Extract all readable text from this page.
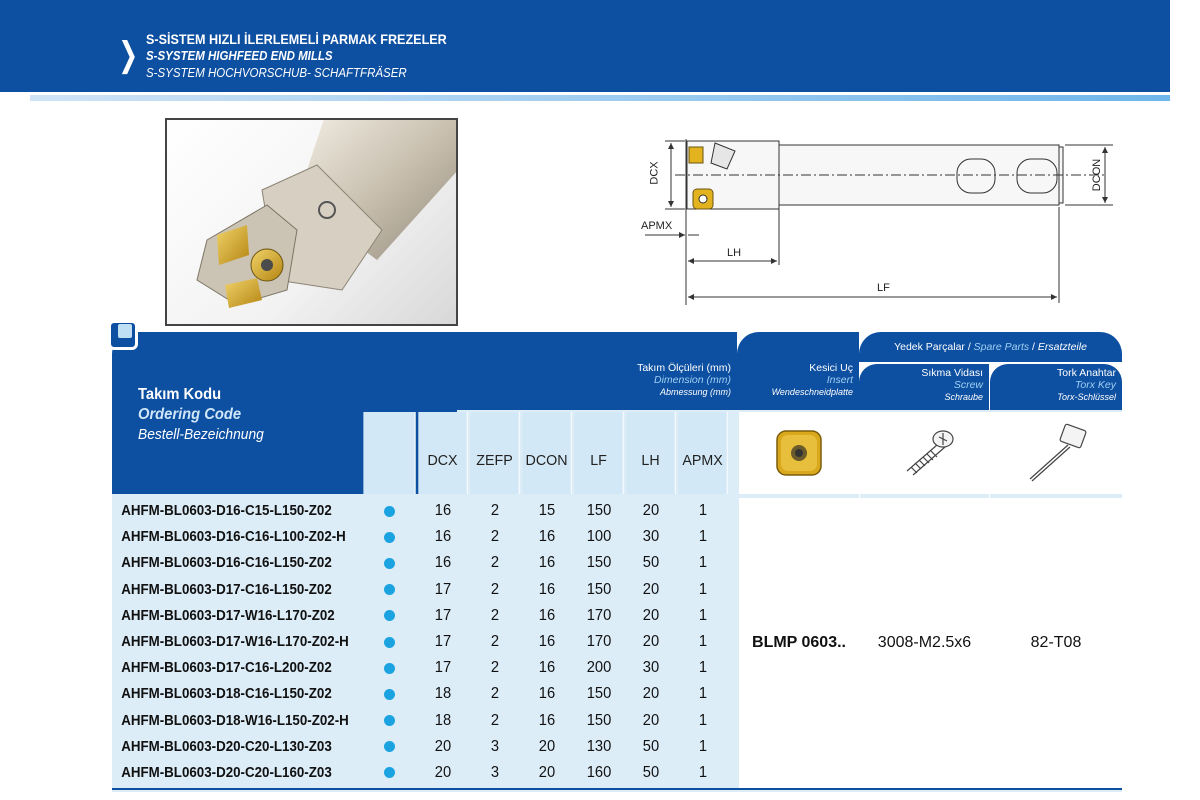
❯ S-SİSTEM HIZLI İLERLEMELİ PARMAK FREZELER
S-SYSTEM HIGHFEED END MILLS
S-SYSTEM HOCHVORSCHUB- SCHAFTFRÄSER
DCX	DCON
APMX
LH
LF
Takım Ölçüleri (mm)
Dimension (mm)
Abmessung (mm)
Kesici Uç
Insert
Wendeschneidplatte
Yedek Parçalar / Spare Parts / Ersatzteile
Sıkma Vidası
Screw
Schraube
Tork Anahtar
Torx Key
Torx-Schlüssel
Takım Kodu
Ordering Code
Bestell-Bezeichnung
DCX	ZEFP DCON	LF	LH	APMX
AHFM-BL0603-D16-C15-L150-Z02	16	2	15	150	20	1
AHFM-BL0603-D16-C16-L100-Z02-H	16	2	16	100	30	1
AHFM-BL0603-D16-C16-L150-Z02	16	2	16	150	50	1
AHFM-BL0603-D17-C16-L150-Z02	17	2	16	150	20	1
AHFM-BL0603-D17-W16-L170-Z02	17	2	16	170	20	1
AHFM-BL0603-D17-W16-L170-Z02-H	17	2	16	170	20	1
AHFM-BL0603-D17-C16-L200-Z02	17	2	16	200	30	1
AHFM-BL0603-D18-C16-L150-Z02	18	2	16	150	20	1
AHFM-BL0603-D18-W16-L150-Z02-H	18	2	16	150	20	1
AHFM-BL0603-D20-C20-L130-Z03	20	3	20	130	50	1
AHFM-BL0603-D20-C20-L160-Z03	20	3	20	160	50	1
BLMP 0603..	3008-M2.5x6	82-T08
